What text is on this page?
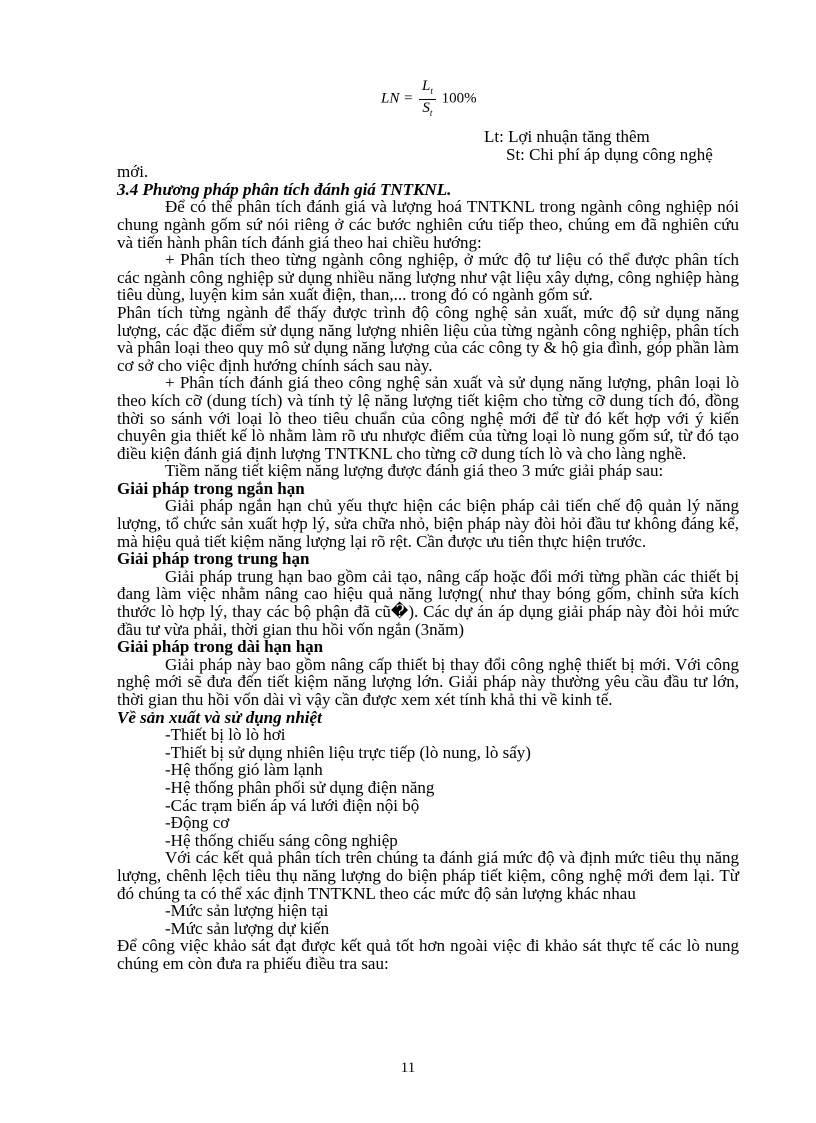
LN = $\frac{L_t}{S_t} 100\%$

Lt: Lợi nhuận tăng thêm

St: Chi phí áp dụng công nghệ

mới.

3.4 Phương pháp phân tích đánh giá TNTKNL.

Để có thể phân tích đánh giá và lượng hoá TNTKNL trong ngành công nghiệp nói chung ngành gốm sứ nói riêng ở các bước nghiên cứu tiếp theo, chúng em đã nghiên cứu và tiến hành phân tích đánh giá theo hai chiều hướng:

+ Phân tích theo từng ngành công nghiệp, ở mức độ tư liệu có thể được phân tích các ngành công nghiệp sử dụng nhiều năng lượng như vật liệu xây dựng, công nghiệp hàng tiêu dùng, luyện kim sản xuất điện, than,... trong đó có ngành gốm sứ.

Phân tích từng ngành để thấy được trình độ công nghệ sản xuất, mức độ sử dụng năng lượng, các đặc điểm sử dụng năng lượng nhiên liệu của từng ngành công nghiệp, phân tích và phân loại theo quy mô sử dụng năng lượng của các công ty & hộ gia đình, góp phần làm cơ sở cho việc định hướng chính sách sau này.

+ Phân tích đánh giá theo công nghệ sản xuất và sử dụng năng lượng, phân loại lò theo kích cỡ (dung tích) và tính tỷ lệ năng lượng tiết kiệm cho từng cỡ dung tích đó, đồng thời so sánh với loại lò theo tiêu chuẩn của công nghệ mới để từ đó kết hợp với ý kiến chuyên gia thiết kế lò nhằm làm rõ ưu nhược điểm của từng loại lò nung gốm sứ, từ đó tạo điều kiện đánh giá định lượng TNTKNL cho từng cỡ dung tích lò và cho làng nghề.

Tiềm năng tiết kiệm năng lượng được đánh giá theo 3 mức giải pháp sau:

Giải pháp trong ngắn hạn

Giải pháp ngắn hạn chủ yếu thực hiện các biện pháp cải tiến chế độ quản lý năng lượng, tổ chức sản xuất hợp lý, sửa chữa nhỏ, biện pháp này đòi hỏi đầu tư không đáng kể, mà hiệu quả tiết kiệm năng lượng lại rõ rệt. Cần được ưu tiên thực hiện trước.

Giải pháp trong trung hạn

Giải pháp trung hạn bao gồm cải tạo, nâng cấp hoặc đổi mới từng phần các thiết bị đang làm việc nhằm nâng cao hiệu quả năng lượng( như thay bóng gốm, chỉnh sửa kích thước lò hợp lý, thay các bộ phận đã cũ�). Các dự án áp dụng giải pháp này đòi hỏi mức đầu tư vừa phải, thời gian thu hồi vốn ngắn (3năm)

Giải pháp trong dài hạn hạn

Giải pháp này bao gồm nâng cấp thiết bị thay đổi công nghệ thiết bị mới. Với công nghệ mới sẽ đưa đến tiết kiệm năng lượng lớn. Giải pháp này thường yêu cầu đầu tư lớn, thời gian thu hồi vốn dài vì vậy cần được xem xét tính khả thi về kinh tế.

Về sản xuất và sử dụng nhiệt

-Thiết bị lò lò hơi

-Thiết bị sử dụng nhiên liệu trực tiếp (lò nung, lò sấy)

-Hệ thống gió làm lạnh

-Hệ thống phân phối sử dụng điện năng

-Các trạm biến áp vá lưới điện nội bộ

-Động cơ

-Hệ thống chiếu sáng công nghiệp

Với các kết quả phân tích trên chúng ta đánh giá mức độ và định mức tiêu thụ năng lượng, chênh lệch tiêu thụ năng lượng do biện pháp tiết kiệm, công nghệ mới đem lại. Từ đó chúng ta có thể xác định TNTKNL theo các mức độ sản lượng khác nhau

-Mức sản lượng hiện tại

-Mức sản lượng dự kiến

Để công việc khảo sát đạt được kết quả tốt hơn ngoài việc đi khảo sát thực tế các lò nung chúng em còn đưa ra phiếu điều tra sau:

11
